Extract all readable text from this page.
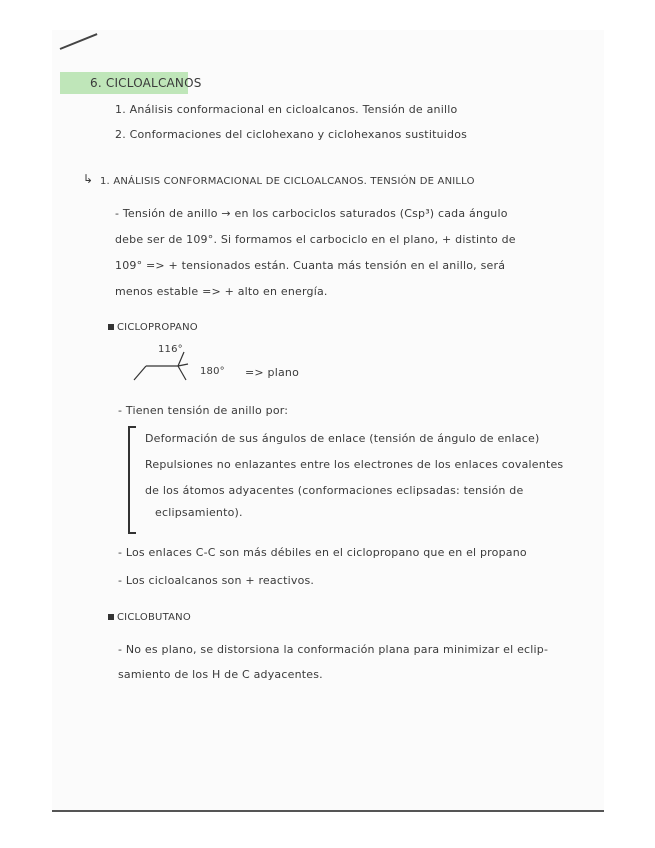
6. CICLOALCANOS
1. Análisis conformacional en cicloalcanos. Tensión de anillo
2. Conformaciones del ciclohexano y ciclohexanos sustituidos
↳ 1. ANÁLISIS CONFORMACIONAL DE CICLOALCANOS. TENSIÓN DE ANILLO
- Tensión de anillo → en los carbociclos saturados (Csp³) cada ángulo
debe ser de 109°. Si formamos el carbociclo en el plano, + distinto de
109° => + tensionados están. Cuanta más tensión en el anillo, será
menos estable => + alto en energía.
CICLOPROPANO
116°
180° => plano
- Tienen tensión de anillo por:
Deformación de sus ángulos de enlace (tensión de ángulo de enlace)
Repulsiones no enlazantes entre los electrones de los enlaces covalentes
de los átomos adyacentes (conformaciones eclipsadas: tensión de
eclipsamiento).
- Los enlaces C-C son más débiles en el ciclopropano que en el propano
- Los cicloalcanos son + reactivos.
CICLOBUTANO
- No es plano, se distorsiona la conformación plana para minimizar el eclip-
samiento de los H de C adyacentes.
